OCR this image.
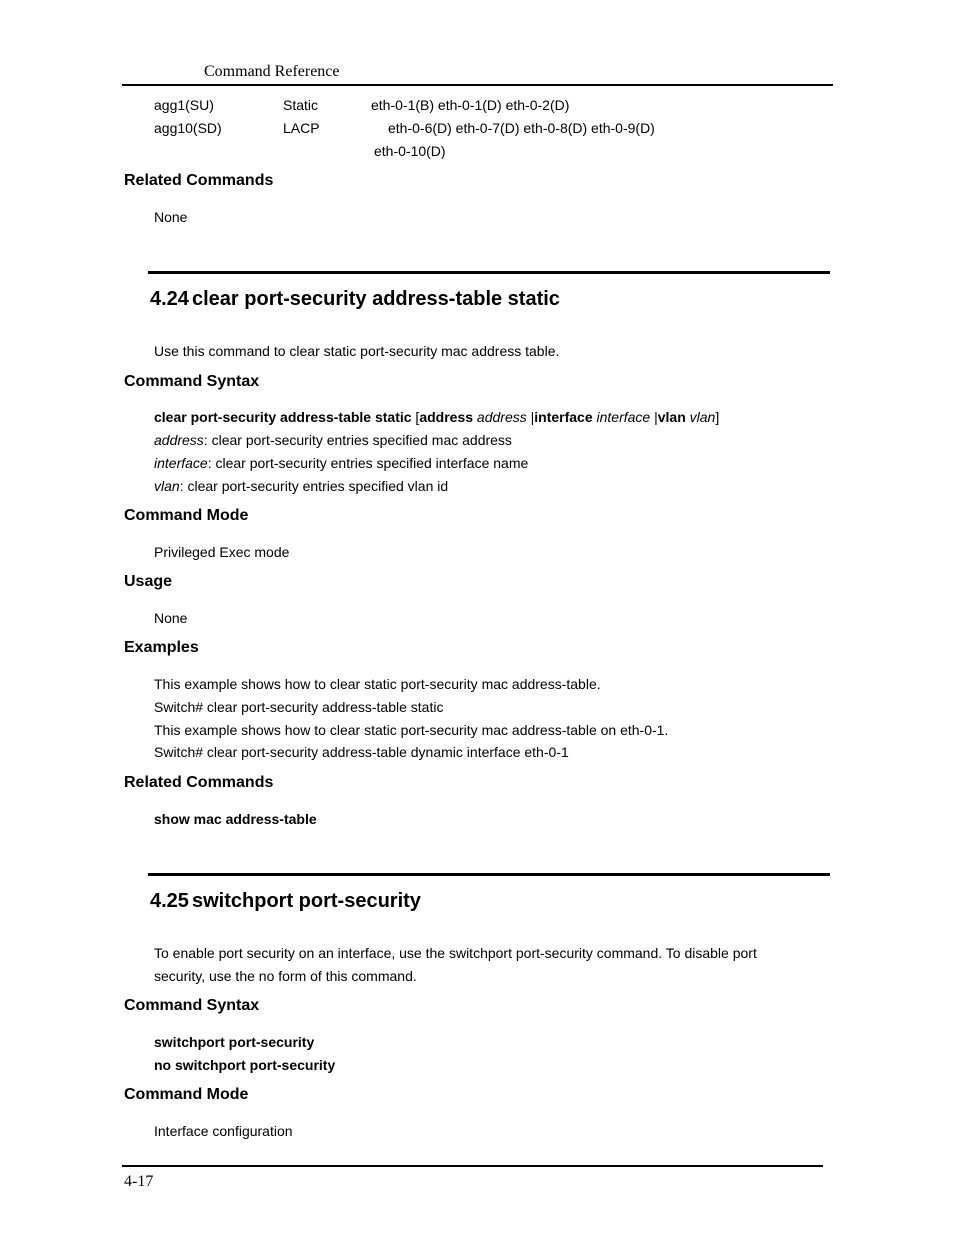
Command Reference
agg1(SU)	Static	eth-0-1(B) eth-0-1(D) eth-0-2(D)
agg10(SD)	LACP	eth-0-6(D) eth-0-7(D) eth-0-8(D) eth-0-9(D)
eth-0-10(D)
Related Commands
None
4.24 clear port-security address-table static
Use this command to clear static port-security mac address table.
Command Syntax
clear port-security address-table static [address address |interface interface |vlan vlan]
address: clear port-security entries specified mac address
interface: clear port-security entries specified interface name
vlan: clear port-security entries specified vlan id
Command Mode
Privileged Exec mode
Usage
None
Examples
This example shows how to clear static port-security mac address-table.
Switch# clear port-security address-table static
This example shows how to clear static port-security mac address-table on eth-0-1.
Switch# clear port-security address-table dynamic interface eth-0-1
Related Commands
show mac address-table
4.25 switchport port-security
To enable port security on an interface, use the switchport port-security command. To disable port
security, use the no form of this command.
Command Syntax
switchport port-security
no switchport port-security
Command Mode
Interface configuration
4-17
